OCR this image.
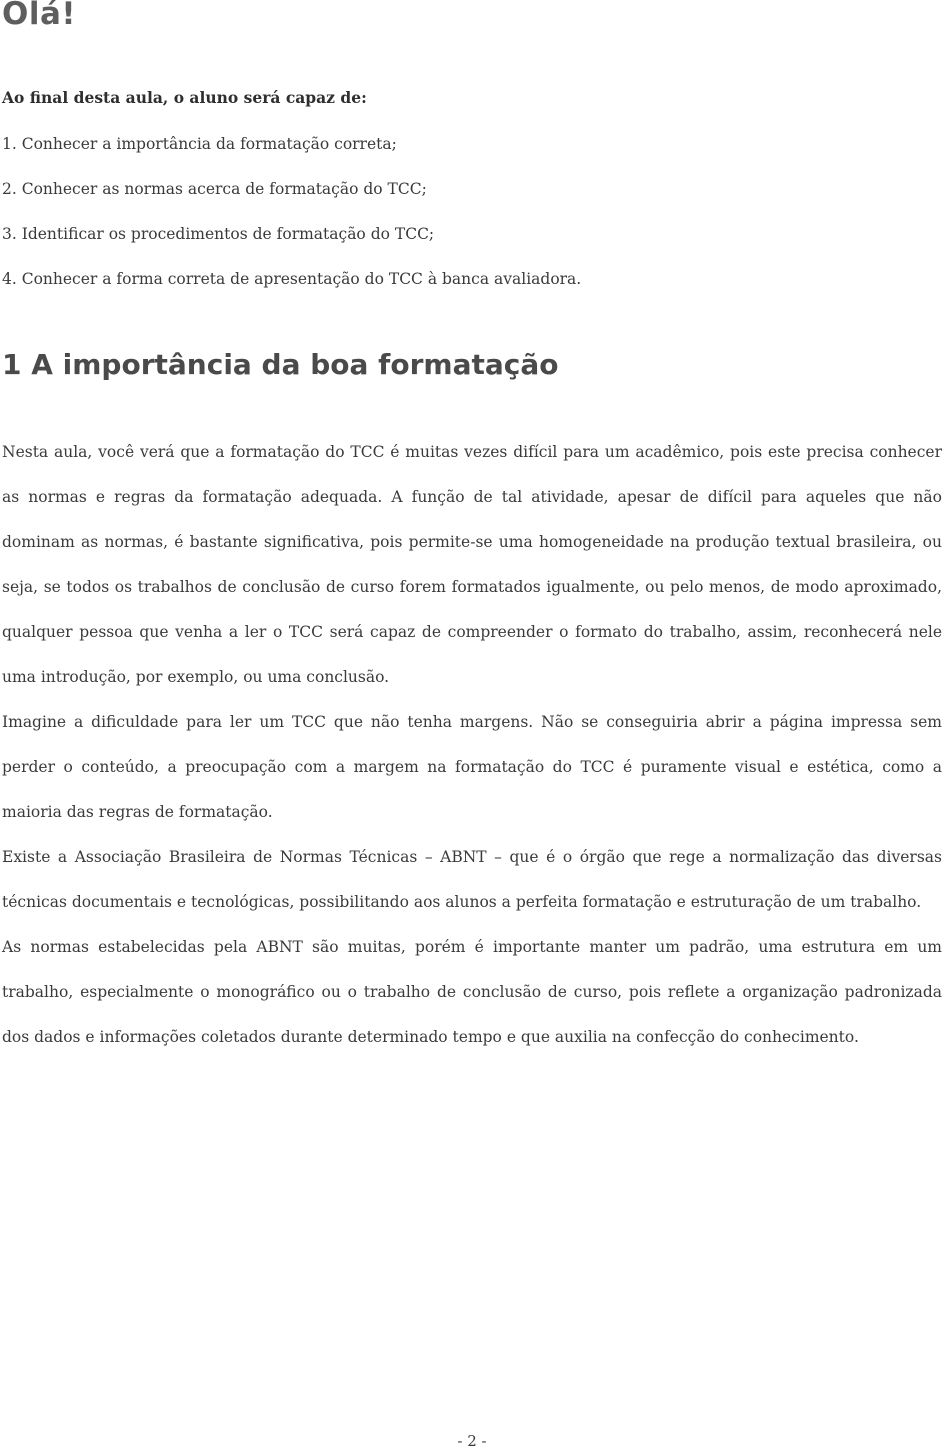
Olá!

Ao final desta aula, o aluno será capaz de:

1. Conhecer a importância da formatação correta;
2. Conhecer as normas acerca de formatação do TCC;
3. Identificar os procedimentos de formatação do TCC;
4. Conhecer a forma correta de apresentação do TCC à banca avaliadora.
1 A importância da boa formatação

Nesta aula, você verá que a formatação do TCC é muitas vezes difícil para um acadêmico, pois este precisa conhecer as normas e regras da formatação adequada. A função de tal atividade, apesar de difícil para aqueles que não dominam as normas, é bastante significativa, pois permite-se uma homogeneidade na produção textual brasileira, ou seja, se todos os trabalhos de conclusão de curso forem formatados igualmente, ou pelo menos, de modo aproximado, qualquer pessoa que venha a ler o TCC será capaz de compreender o formato do trabalho, assim, reconhecerá nele uma introdução, por exemplo, ou uma conclusão.

Imagine a dificuldade para ler um TCC que não tenha margens. Não se conseguiria abrir a página impressa sem perder o conteúdo, a preocupação com a margem na formatação do TCC é puramente visual e estética, como a maioria das regras de formatação.

Existe a Associação Brasileira de Normas Técnicas – ABNT – que é o órgão que rege a normalização das diversas técnicas documentais e tecnológicas, possibilitando aos alunos a perfeita formatação e estruturação de um trabalho.

As normas estabelecidas pela ABNT são muitas, porém é importante manter um padrão, uma estrutura em um trabalho, especialmente o monográfico ou o trabalho de conclusão de curso, pois reflete a organização padronizada dos dados e informações coletados durante determinado tempo e que auxilia na confecção do conhecimento.

- 2 -
